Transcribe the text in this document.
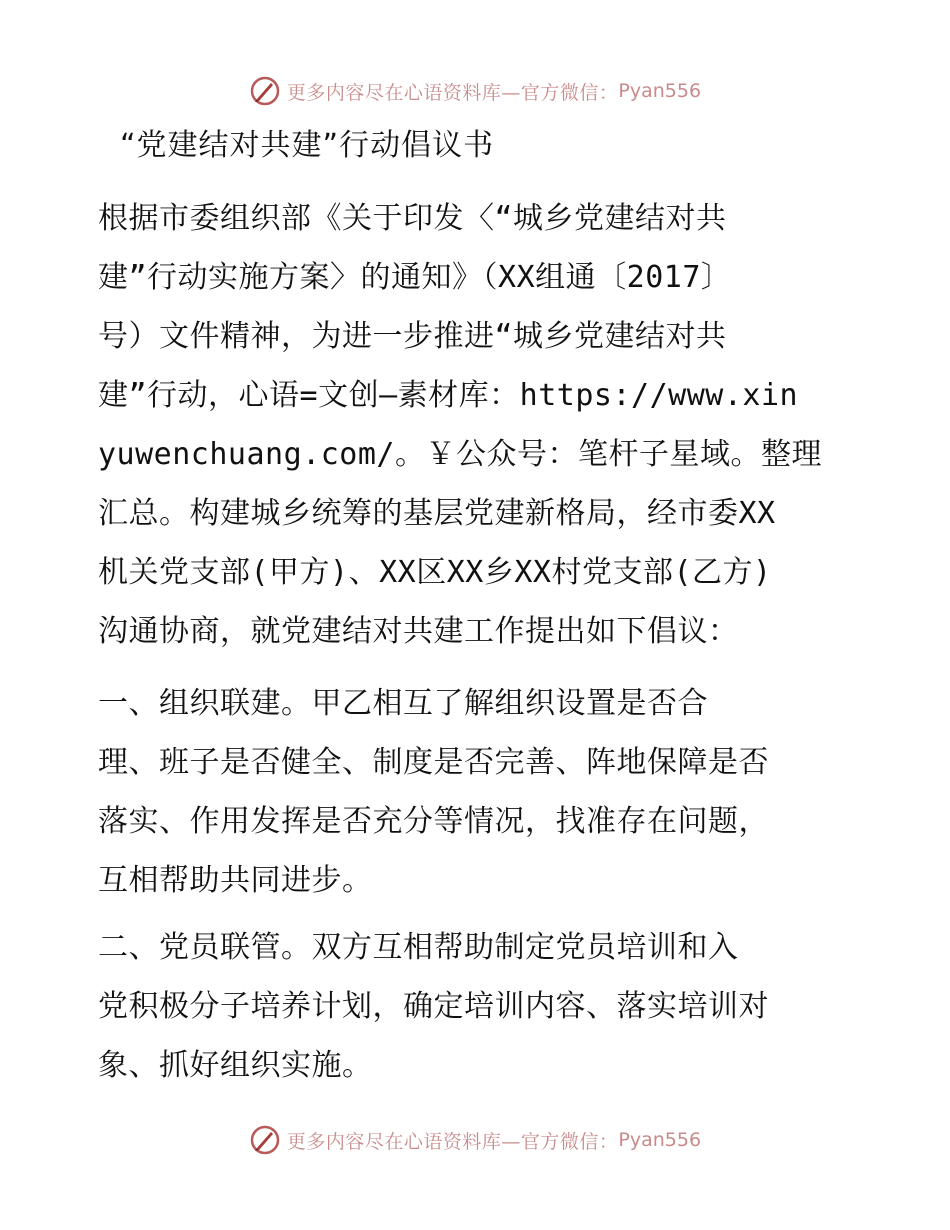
更多内容尽在心语资料库—官方微信： Pyan556
“党建结对共建”行动倡议书
根据市委组织部《关于印发〈“城乡党建结对共
建”行动实施方案〉的通知》（XX组通〔2017〕
号）文件精神，为进一步推进“城乡党建结对共
建”行动，心语=文创—素材库：https://www.xin
yuwenchuang.com/。￥公众号：笔杆子星域。整理
汇总。构建城乡统筹的基层党建新格局，经市委XX
机关党支部(甲方)、XX区XX乡XX村党支部(乙方)
沟通协商，就党建结对共建工作提出如下倡议：
一、组织联建。甲乙相互了解组织设置是否合
理、班子是否健全、制度是否完善、阵地保障是否
落实、作用发挥是否充分等情况，找准存在问题，
互相帮助共同进步。
二、党员联管。双方互相帮助制定党员培训和入
党积极分子培养计划，确定培训内容、落实培训对
象、抓好组织实施。
更多内容尽在心语资料库—官方微信： Pyan556
